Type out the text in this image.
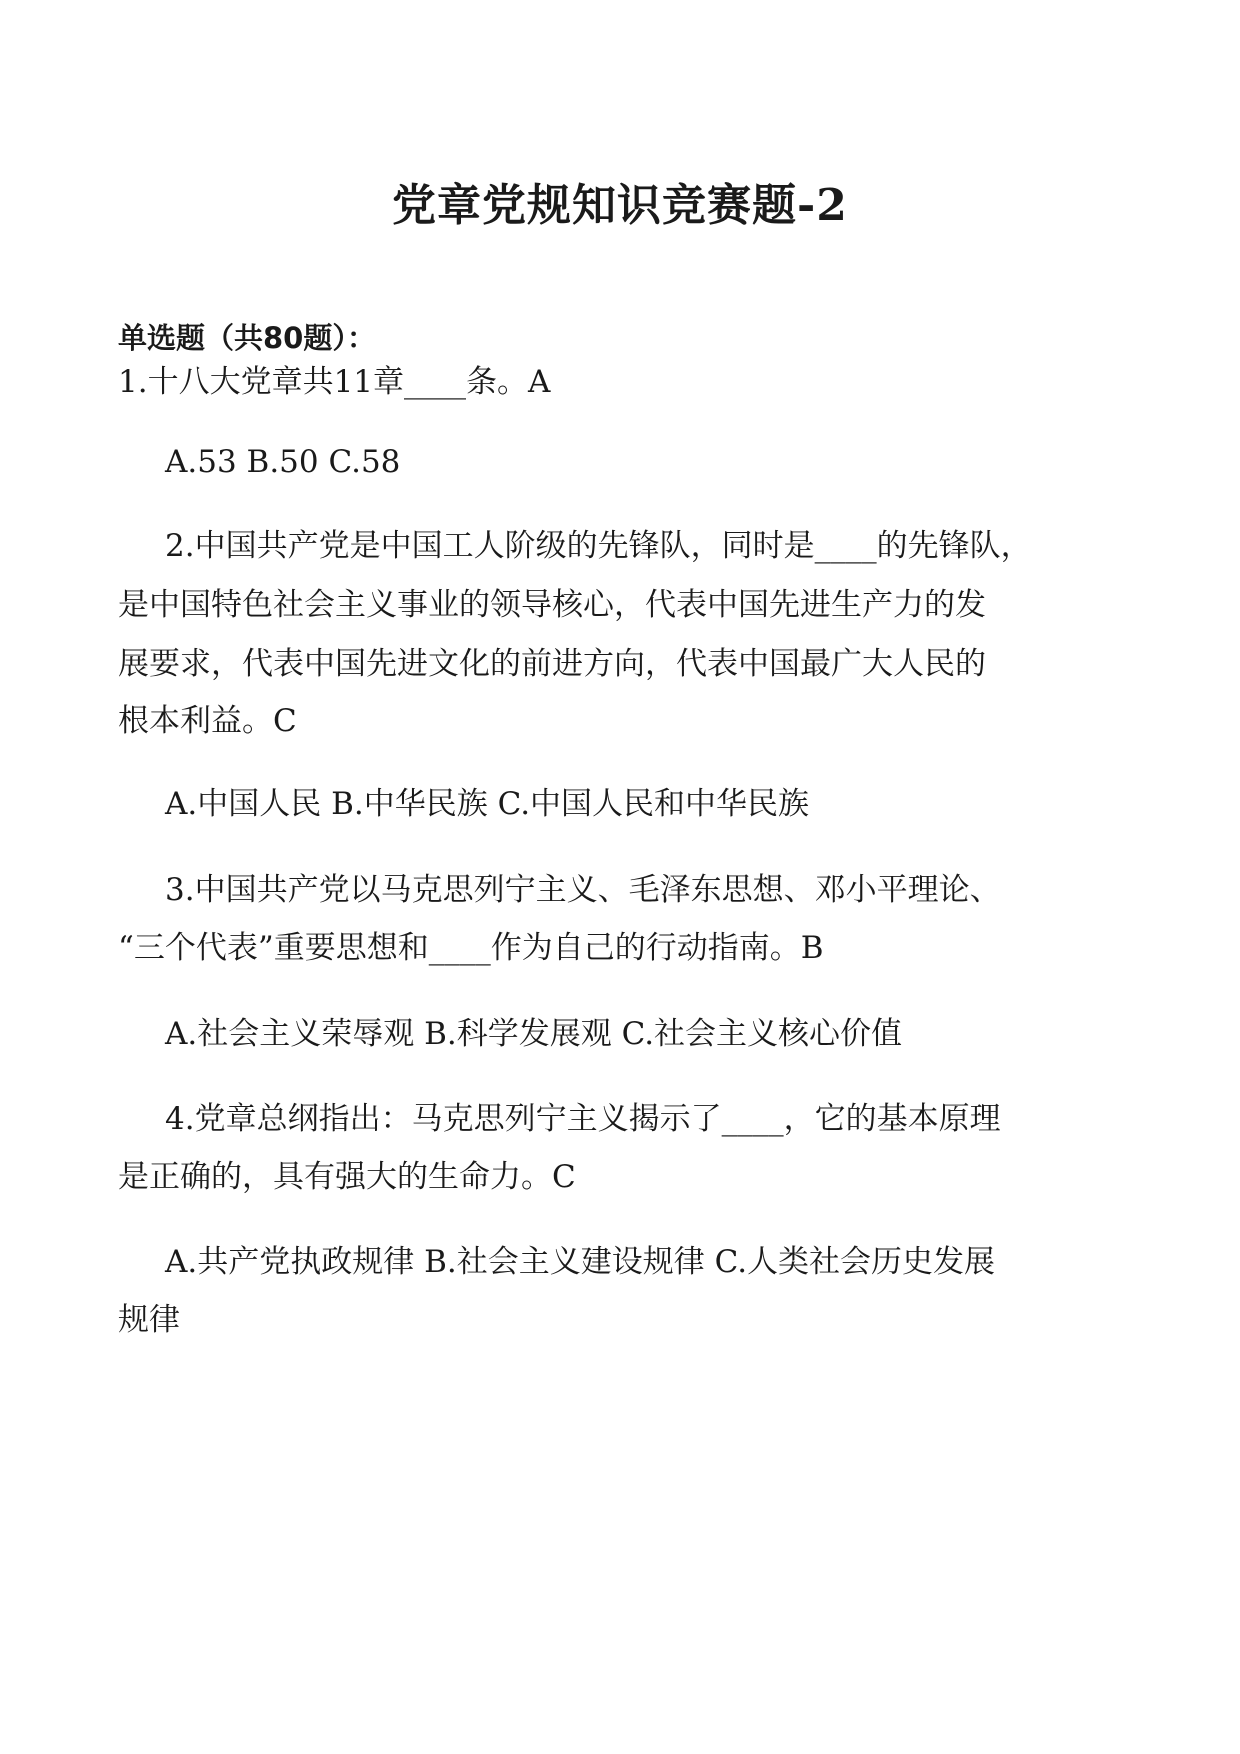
党章党规知识竞赛题-2
单选题（共80题）：

1.十八大党章共11章____条。A

A.53 B.50 C.58

2.中国共产党是中国工人阶级的先锋队，同时是____的先锋队，

是中国特色社会主义事业的领导核心，代表中国先进生产力的发

展要求，代表中国先进文化的前进方向，代表中国最广大人民的

根本利益。C

A.中国人民 B.中华民族 C.中国人民和中华民族

3.中国共产党以马克思列宁主义、毛泽东思想、邓小平理论、

“三个代表”重要思想和____作为自己的行动指南。B

A.社会主义荣辱观 B.科学发展观 C.社会主义核心价值

4.党章总纲指出：马克思列宁主义揭示了____，它的基本原理

是正确的，具有强大的生命力。C

A.共产党执政规律 B.社会主义建设规律 C.人类社会历史发展

规律
